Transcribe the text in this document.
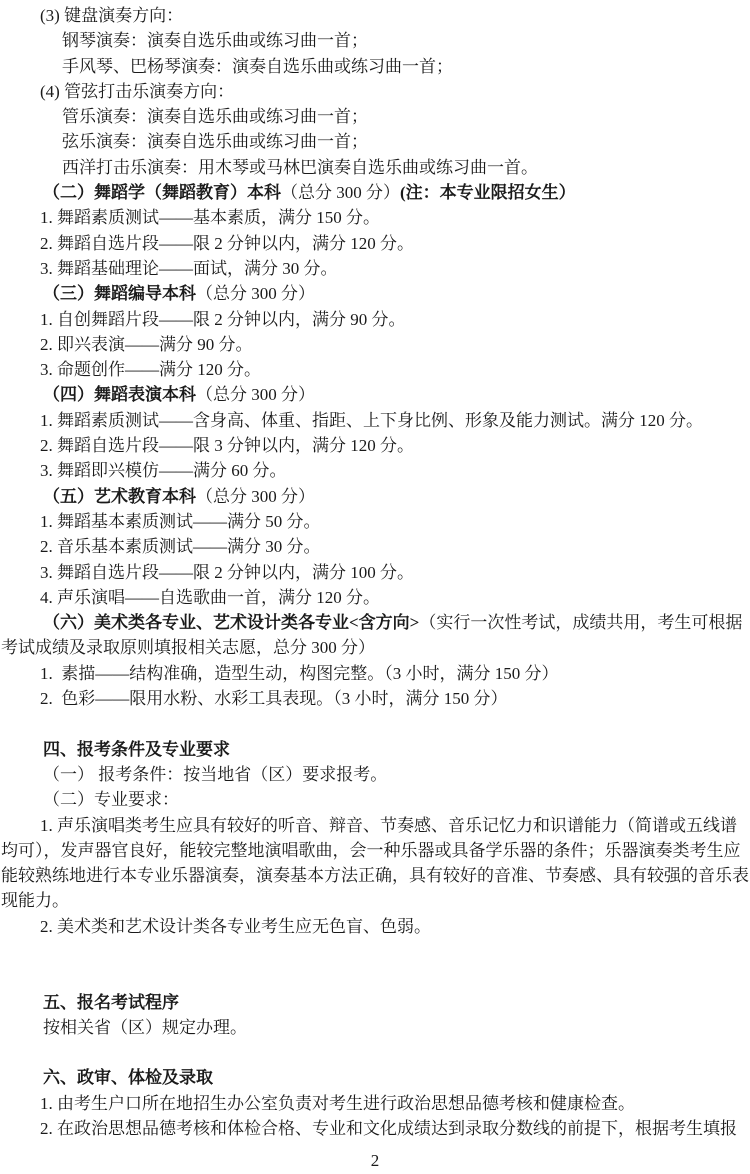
(3) 键盘演奏方向：
钢琴演奏：演奏自选乐曲或练习曲一首；
手风琴、巴杨琴演奏：演奏自选乐曲或练习曲一首；
(4) 管弦打击乐演奏方向：
管乐演奏：演奏自选乐曲或练习曲一首；
弦乐演奏：演奏自选乐曲或练习曲一首；
西洋打击乐演奏：用木琴或马林巴演奏自选乐曲或练习曲一首。
（二）舞蹈学（舞蹈教育）本科（总分 300 分）(注：本专业限招女生）
1. 舞蹈素质测试——基本素质，满分 150 分。
2. 舞蹈自选片段——限 2 分钟以内，满分 120 分。
3. 舞蹈基础理论——面试，满分 30 分。
（三）舞蹈编导本科（总分 300 分）
1. 自创舞蹈片段——限 2 分钟以内，满分 90 分。
2. 即兴表演——满分 90 分。
3. 命题创作——满分 120 分。
（四）舞蹈表演本科（总分 300 分）
1. 舞蹈素质测试——含身高、体重、指距、上下身比例、形象及能力测试。满分 120 分。
2. 舞蹈自选片段——限 3 分钟以内，满分 120 分。
3. 舞蹈即兴模仿——满分 60 分。
（五）艺术教育本科（总分 300 分）
1. 舞蹈基本素质测试——满分 50 分。
2. 音乐基本素质测试——满分 30 分。
3. 舞蹈自选片段——限 2 分钟以内，满分 100 分。
4. 声乐演唱——自选歌曲一首，满分 120 分。
（六）美术类各专业、艺术设计类各专业<含方向>（实行一次性考试，成绩共用，考生可根据
考试成绩及录取原则填报相关志愿，总分 300 分）
1.  素描——结构准确，造型生动，构图完整。（3 小时，满分 150 分）
2.  色彩——限用水粉、水彩工具表现。（3 小时，满分 150 分）
四、报考条件及专业要求
（一） 报考条件：按当地省（区）要求报考。
（二）专业要求：
1. 声乐演唱类考生应具有较好的听音、辩音、节奏感、音乐记忆力和识谱能力（简谱或五线谱
均可），发声器官良好，能较完整地演唱歌曲，会一种乐器或具备学乐器的条件；乐器演奏类考生应
能较熟练地进行本专业乐器演奏，演奏基本方法正确，具有较好的音准、节奏感、具有较强的音乐表
现能力。
2. 美术类和艺术设计类各专业考生应无色盲、色弱。
五、报名考试程序
按相关省（区）规定办理。
六、政审、体检及录取
1. 由考生户口所在地招生办公室负责对考生进行政治思想品德考核和健康检查。
2. 在政治思想品德考核和体检合格、专业和文化成绩达到录取分数线的前提下，根据考生填报
2
